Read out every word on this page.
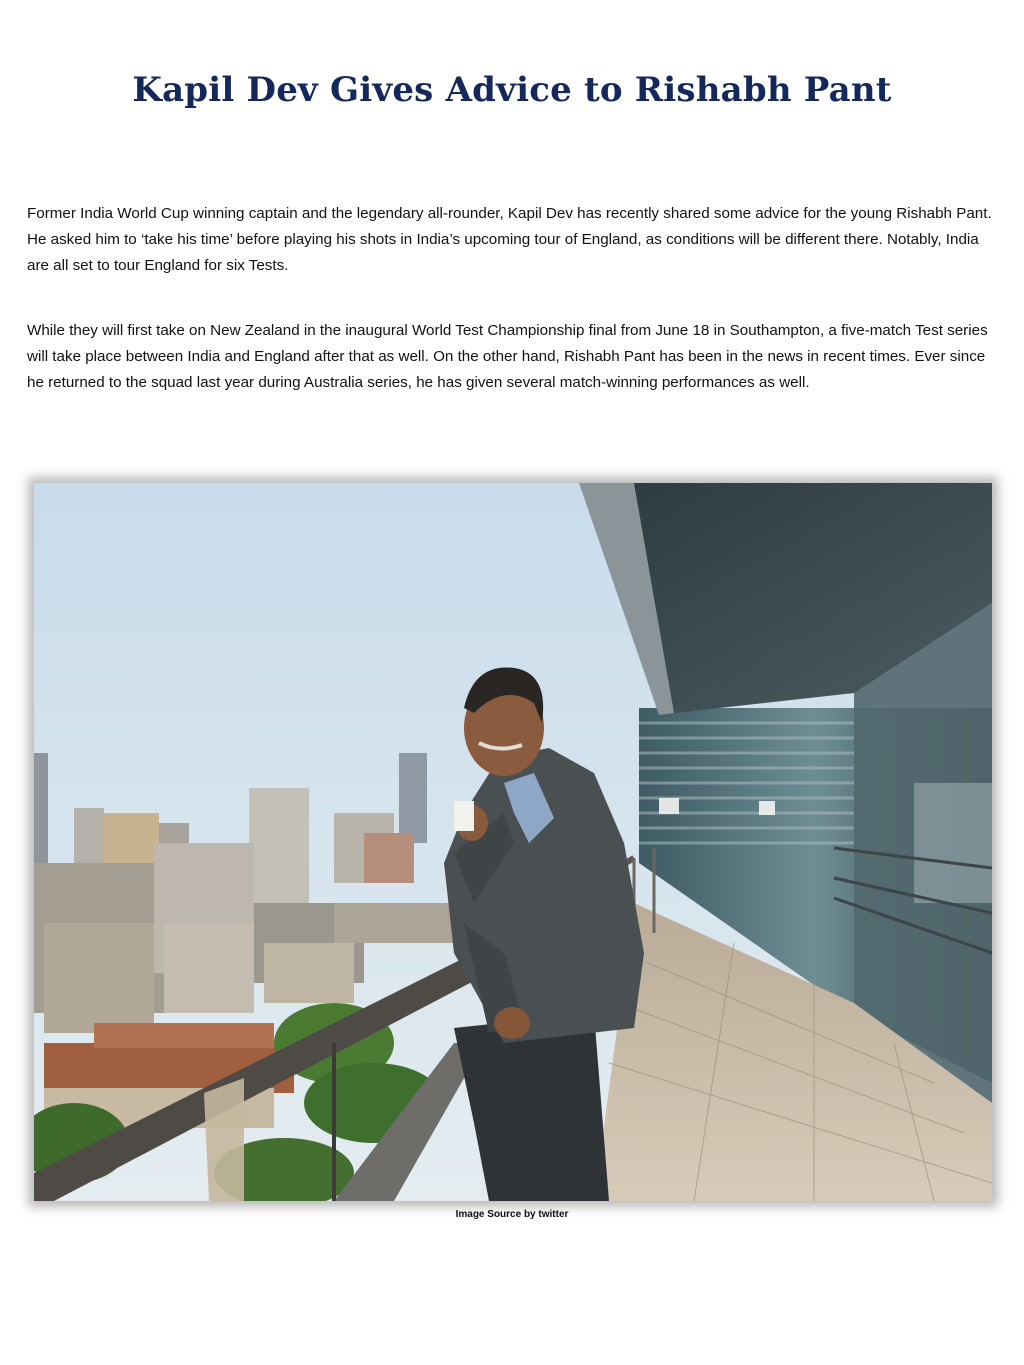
Kapil Dev Gives Advice to Rishabh Pant

Former India World Cup winning captain and the legendary all-rounder, Kapil Dev has recently shared some advice for the young Rishabh Pant. He asked him to ‘take his time’ before playing his shots in India’s upcoming tour of England, as conditions will be different there. Notably, India are all set to tour England for six Tests.

While they will first take on New Zealand in the inaugural World Test Championship final from June 18 in Southampton, a five-match Test series will take place between India and England after that as well. On the other hand, Rishabh Pant has been in the news in recent times. Ever since he returned to the squad last year during Australia series, he has given several match-winning performances as well.

Image Source by twitter
